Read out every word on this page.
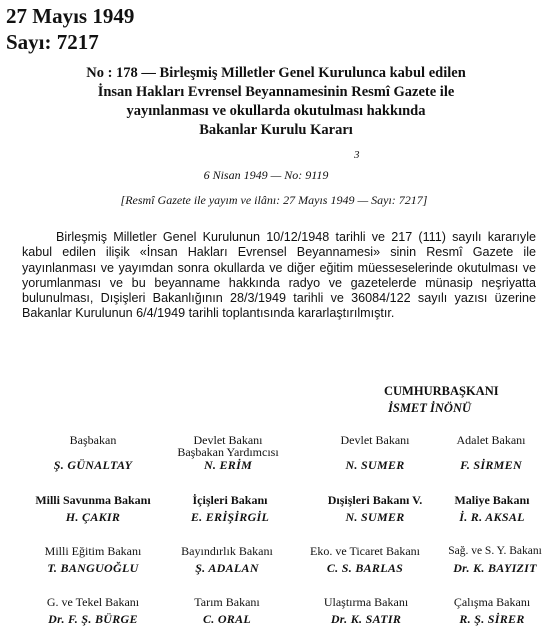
27 Mayıs 1949
Sayı: 7217
No : 178 — Birleşmiş Milletler Genel Kurulunca kabul edilen
İnsan Hakları Evrensel Beyannamesinin Resmî Gazete ile
yayınlanması ve okullarda okutulması hakkında
Bakanlar Kurulu Kararı
3
6 Nisan 1949 — No: 9119
[Resmî Gazete ile yayım ve ilânı: 27 Mayıs 1949 — Sayı: 7217]

Birleşmiş Milletler Genel Kurulunun 10/12/1948 tarihli ve 217 (111) sayılı kararıyle kabul edilen ilişik «İnsan Hakları Evrensel Beyannamesi» sinin Resmî Gazete ile yayınlanması ve yayımdan sonra okullarda ve diğer eğitim müesseselerinde okutulması ve yorumlanması ve bu beyanname hakkında radyo ve gazetelerde münasip neşriyatta bulunulması, Dışişleri Bakanlığının 28/3/1949 tarihli ve 36084/122 sayılı yazısı üzerine Bakanlar Kurulunun 6/4/1949 tarihli toplantısında kararlaştırılmıştır.

CUMHURBAŞKANI
İSMET İNÖNÜ
Başbakan
Ş. GÜNALTAY
Devlet Bakanı
Başbakan Yardımcısı
N. ERİM
Devlet Bakanı
N. SUMER
Adalet Bakanı
F. SİRMEN
Milli Savunma Bakanı
H. ÇAKIR
İçişleri Bakanı
E. ERİŞİRGİL
Dışişleri Bakanı V.
N. SUMER
Maliye Bakanı
İ. R. AKSAL
Milli Eğitim Bakanı
T. BANGUOĞLU
Bayındırlık Bakanı
Ş. ADALAN
Eko. ve Ticaret Bakanı
C. S. BARLAS
Sağ. ve S. Y. Bakanı
Dr. K. BAYIZIT
G. ve Tekel Bakanı
Dr. F. Ş. BÜRGE
Tarım Bakanı
C. ORAL
Ulaştırma Bakanı
Dr. K. SATIR
Çalışma Bakanı
R. Ş. SİRER
